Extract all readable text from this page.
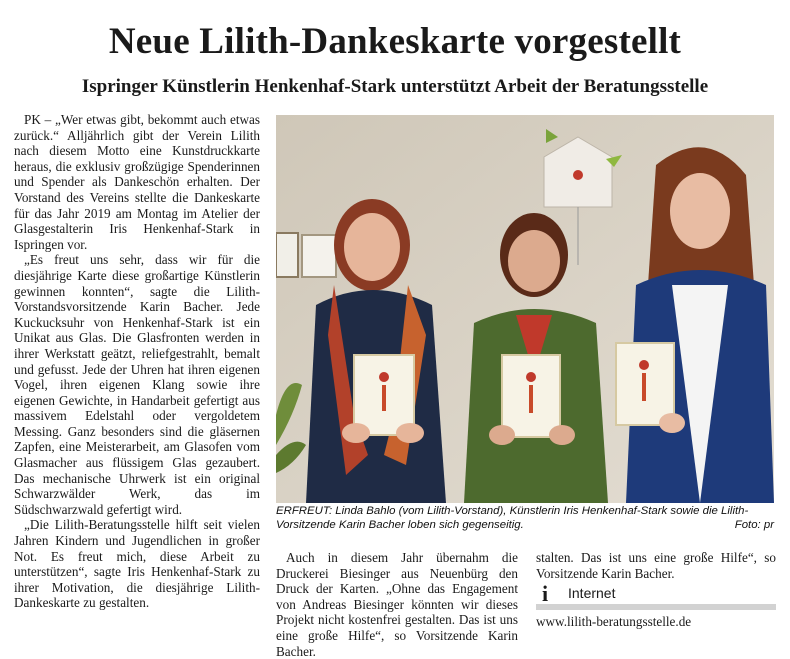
Neue Lilith-Dankeskarte vorgestellt
Ispringer Künstlerin Henkenhaf-Stark unterstützt Arbeit der Beratungsstelle

PK – „Wer etwas gibt, bekommt auch etwas zurück.“ Alljährlich gibt der Verein Lilith nach diesem Motto eine Kunstdruckkarte heraus, die exklusiv großzügige Spenderinnen und Spender als Dankeschön erhalten. Der Vorstand des Vereins stellte die Dankeskarte für das Jahr 2019 am Montag im Atelier der Glasgestalterin Iris Henkenhaf-Stark in Ispringen vor.

„Es freut uns sehr, dass wir für die diesjährige Karte diese großartige Künstlerin gewinnen konnten“, sagte die Lilith-Vorstandsvorsitzende Karin Bacher. Jede Kuckucksuhr von Henkenhaf-Stark ist ein Unikat aus Glas. Die Glasfronten werden in ihrer Werkstatt geätzt, reliefgestrahlt, bemalt und gefusst. Jede der Uhren hat ihren eigenen Vogel, ihren eigenen Klang sowie ihre eigenen Gewichte, in Handarbeit gefertigt aus massivem Edelstahl oder vergoldetem Messing. Ganz besonders sind die gläsernen Zapfen, eine Meisterarbeit, am Glasofen vom Glasmacher aus flüssigem Glas gezaubert. Das mechanische Uhrwerk ist ein original Schwarzwälder Werk, das im Südschwarzwald gefertigt wird.

„Die Lilith-Beratungsstelle hilft seit vielen Jahren Kindern und Jugendlichen in großer Not. Es freut mich, diese Arbeit zu unterstützen“, sagte Iris Henkenhaf-Stark zu ihrer Motivation, die diesjährige Lilith-Dankeskarte zu gestalten.

ERFREUT: Linda Bahlo (vom Lilith-Vorstand), Künstlerin Iris Henkenhaf-Stark sowie die Lilith-Vorsitzende Karin Bacher loben sich gegenseitig.	Foto: pr

Auch in diesem Jahr übernahm die Druckerei Biesinger aus Neuenbürg den Druck der Karten. „Ohne das Engagement von Andreas Biesinger könnten wir dieses Projekt nicht kostenfrei gestalten. Das ist uns eine große Hilfe“, so Vorsitzende Karin Bacher.

stalten. Das ist uns eine große Hilfe“, so Vorsitzende Karin Bacher.

i	Internet
www.lilith-beratungsstelle.de
